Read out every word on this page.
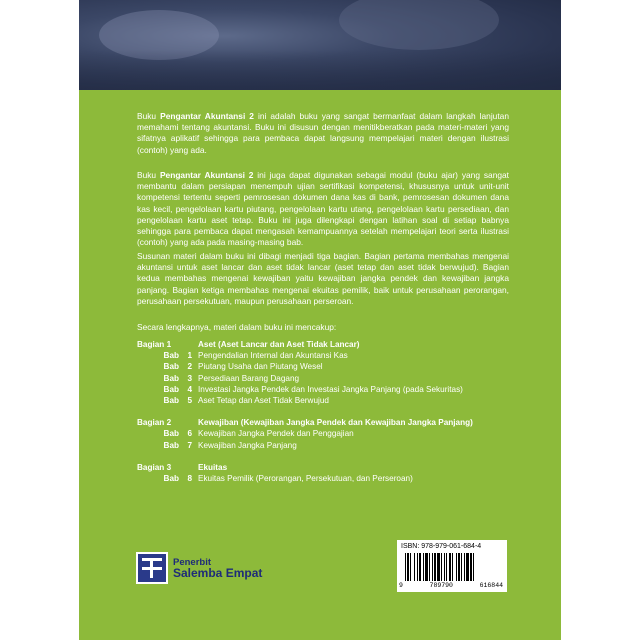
Buku Pengantar Akuntansi 2 ini adalah buku yang sangat bermanfaat dalam langkah lanjutan memahami tentang akuntansi. Buku ini disusun dengan menitikberatkan pada materi-materi yang sifatnya aplikatif sehingga para pembaca dapat langsung mempelajari materi dengan ilustrasi (contoh) yang ada.
Buku Pengantar Akuntansi 2 ini juga dapat digunakan sebagai modul (buku ajar) yang sangat membantu dalam persiapan menempuh ujian sertifikasi kompetensi, khususnya untuk unit-unit kompetensi tertentu seperti pemrosesan dokumen dana kas di bank, pemrosesan dokumen dana kas kecil, pengelolaan kartu piutang, pengelolaan kartu utang, pengelolaan kartu persediaan, dan pengelolaan kartu aset tetap. Buku ini juga dilengkapi dengan latihan soal di setiap babnya sehingga para pembaca dapat mengasah kemampuannya setelah mempelajari teori serta ilustrasi (contoh) yang ada pada masing-masing bab.
Susunan materi dalam buku ini dibagi menjadi tiga bagian. Bagian pertama membahas mengenai akuntansi untuk aset lancar dan aset tidak lancar (aset tetap dan aset tidak berwujud). Bagian kedua membahas mengenai kewajiban yaitu kewajiban jangka pendek dan kewajiban jangka panjang. Bagian ketiga membahas mengenai ekuitas pemilik, baik untuk perusahaan perorangan, perusahaan persekutuan, maupun perusahaan perseroan.
Secara lengkapnya, materi dalam buku ini mencakup:
Bagian 1	Aset (Aset Lancar dan Aset Tidak Lancar)
Bab	1 Pengendalian Internal dan Akuntansi Kas
Bab	2 Piutang Usaha dan Piutang Wesel
Bab	3 Persediaan Barang Dagang
Bab	4 Investasi Jangka Pendek dan Investasi Jangka Panjang (pada Sekuritas)
Bab	5 Aset Tetap dan Aset Tidak Berwujud
Bagian 2	Kewajiban (Kewajiban Jangka Pendek dan Kewajiban Jangka Panjang)
Bab	6 Kewajiban Jangka Pendek dan Penggajian
Bab	7 Kewajiban Jangka Panjang
Bagian 3	Ekuitas
Bab	8 Ekuitas Pemilik (Perorangan, Persekutuan, dan Perseroan)
Penerbit
Salemba Empat
ISBN: 978-979-061-684-4
9	789790	616844
